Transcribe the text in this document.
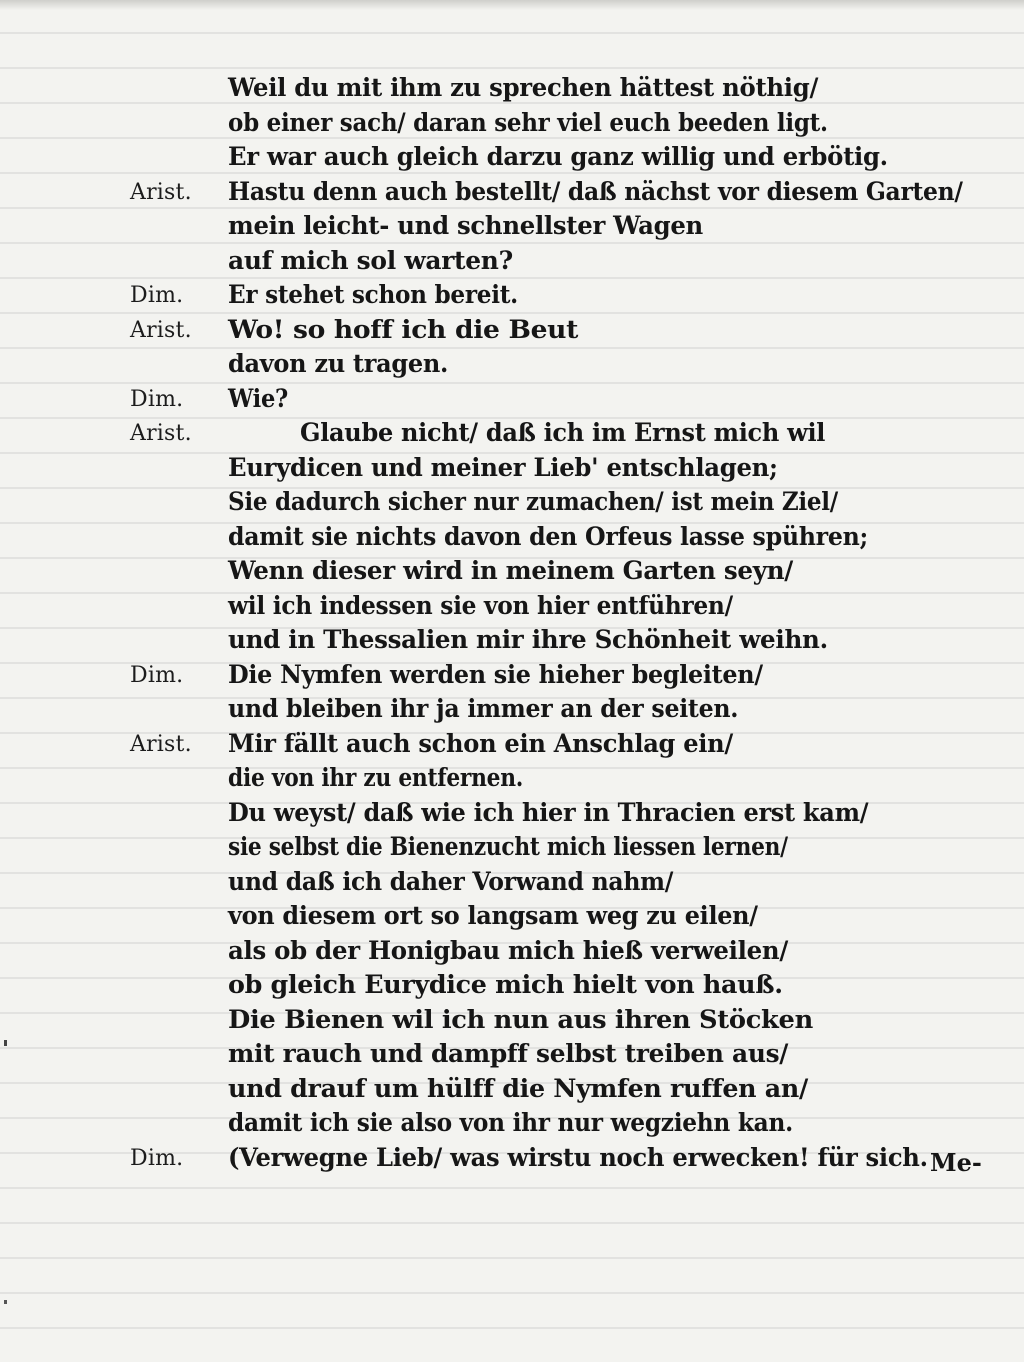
Weil du mit ihm zu sprechen hättest nöthig/
ob einer sach/ daran sehr viel euch beeden ligt.
Er war auch gleich darzu ganz willig und erbötig.
Arist.	Hastu denn auch bestellt/ daß nächst vor diesem Garten/
mein leicht- und schnellster Wagen
auf mich sol warten?
Dim.	Er stehet schon bereit.
Arist.	Wo! so hoff ich die Beut
davon zu tragen.
Dim.	Wie?
Arist.	Glaube nicht/ daß ich im Ernst mich wil
Eurydicen und meiner Lieb' entschlagen;
Sie dadurch sicher nur zumachen/ ist mein Ziel/
damit sie nichts davon den Orfeus lasse spühren;
Wenn dieser wird in meinem Garten seyn/
wil ich indessen sie von hier entführen/
und in Thessalien mir ihre Schönheit weihn.
Dim.	Die Nymfen werden sie hieher begleiten/
und bleiben ihr ja immer an der seiten.
Arist.	Mir fällt auch schon ein Anschlag ein/
die von ihr zu entfernen.
Du weyst/ daß wie ich hier in Thracien erst kam/
sie selbst die Bienenzucht mich liessen lernen/
und daß ich daher Vorwand nahm/
von diesem ort so langsam weg zu eilen/
als ob der Honigbau mich hieß verweilen/
ob gleich Eurydice mich hielt von hauß.
Die Bienen wil ich nun aus ihren Stöcken
mit rauch und dampff selbst treiben aus/
und drauf um hülff die Nymfen ruffen an/
damit ich sie also von ihr nur wegziehn kan.
Dim.	(Verwegne Lieb/ was wirstu noch erwecken! für sich. Me-
